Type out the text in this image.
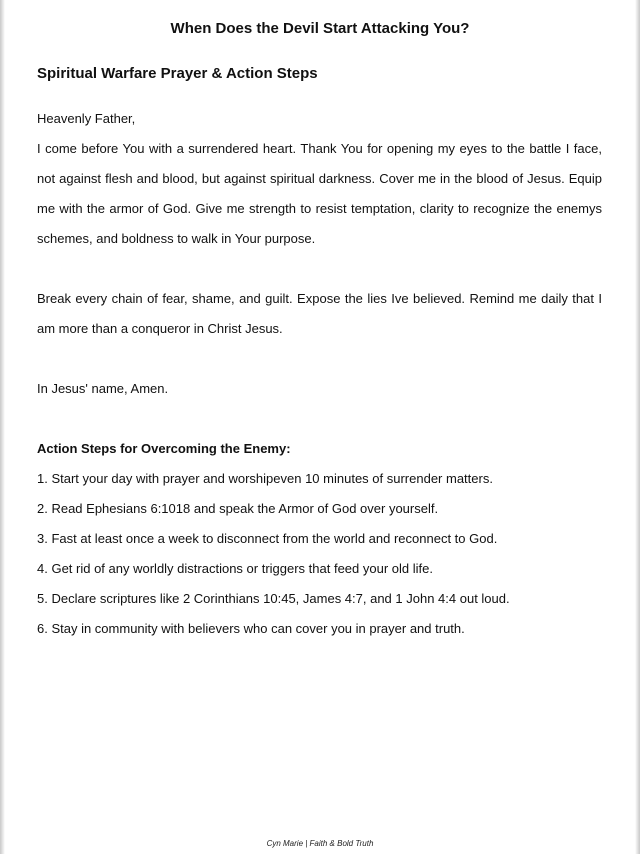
When Does the Devil Start Attacking You?
Spiritual Warfare Prayer & Action Steps

Heavenly Father,

I come before You with a surrendered heart. Thank You for opening my eyes to the battle I face, not against flesh and blood, but against spiritual darkness. Cover me in the blood of Jesus. Equip me with the armor of God. Give me strength to resist temptation, clarity to recognize the enemys schemes, and boldness to walk in Your purpose.

Break every chain of fear, shame, and guilt. Expose the lies Ive believed. Remind me daily that I am more than a conqueror in Christ Jesus.

In Jesus' name, Amen.

Action Steps for Overcoming the Enemy:
1. Start your day with prayer and worshipeven 10 minutes of surrender matters.
2. Read Ephesians 6:1018 and speak the Armor of God over yourself.
3. Fast at least once a week to disconnect from the world and reconnect to God.
4. Get rid of any worldly distractions or triggers that feed your old life.
5. Declare scriptures like 2 Corinthians 10:45, James 4:7, and 1 John 4:4 out loud.
6. Stay in community with believers who can cover you in prayer and truth.
Cyn Marie | Faith & Bold Truth
